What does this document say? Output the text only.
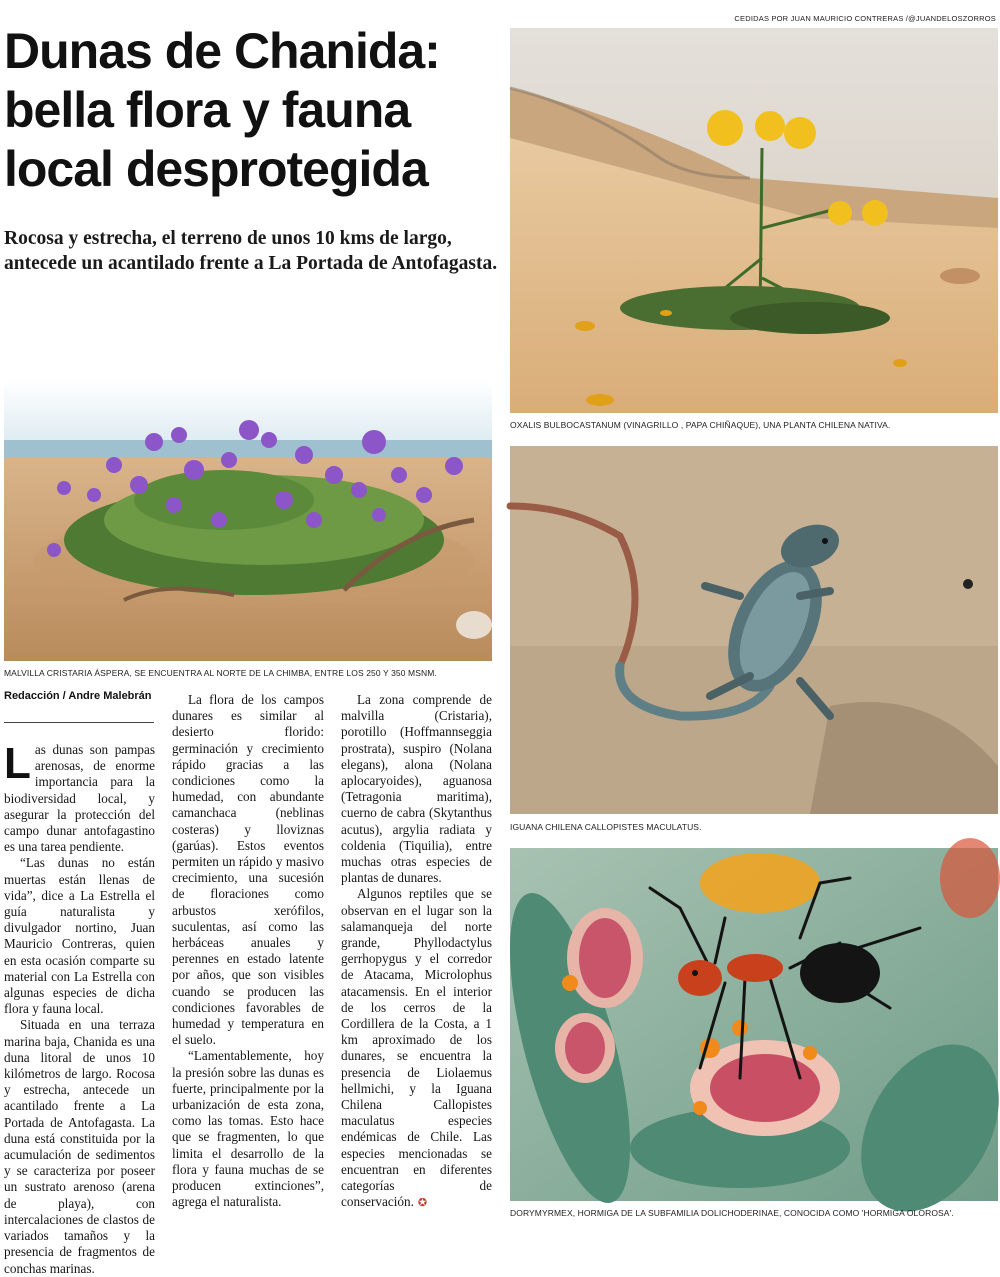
CEDIDAS POR JUAN MAURICIO CONTRERAS /@JUANDELOSZORROS
Dunas de Chanida: bella flora y fauna local desprotegida

Rocosa y estrecha, el terreno de unos 10 kms de largo, antecede un acantilado frente a La Portada de Antofagasta.

MALVILLA CRISTARIA ÁSPERA, SE ENCUENTRA AL NORTE DE LA CHIMBA, ENTRE LOS 250 Y 350 MSNM.
OXALIS BULBOCASTANUM (VINAGRILLO , PAPA CHIÑAQUE), UNA PLANTA CHILENA NATIVA.
IGUANA CHILENA CALLOPISTES MACULATUS.
DORYMYRMEX, HORMIGA DE LA SUBFAMILIA DOLICHODERINAE, CONOCIDA COMO 'HORMIGA OLOROSA'.
Redacción / Andre Malebrán

Las dunas son pampas arenosas, de enorme importancia para la biodiversidad local, y asegurar la protección del campo dunar antofagastino es una tarea pendiente.

“Las dunas no están muertas están llenas de vida”, dice a La Estrella el guía naturalista y divulgador nortino, Juan Mauricio Contreras, quien en esta ocasión comparte su material con La Estrella con algunas especies de dicha flora y fauna local.

Situada en una terraza marina baja, Chanida es una duna litoral de unos 10 kilómetros de largo. Rocosa y estrecha, antecede un acantilado frente a La Portada de Antofagasta. La duna está constituida por la acumulación de sedimentos y se caracteriza por poseer un sustrato arenoso (arena de playa), con intercalaciones de clastos de variados tamaños y la presencia de fragmentos de conchas marinas.

La flora de los campos dunares es similar al desierto florido: germinación y crecimiento rápido gracias a las condiciones como la humedad, con abundante camanchaca (neblinas costeras) y lloviznas (garúas). Estos eventos permiten un rápido y masivo crecimiento, una sucesión de floraciones como arbustos xerófilos, suculentas, así como las herbáceas anuales y perennes en estado latente por años, que son visibles cuando se producen las condiciones favorables de humedad y temperatura en el suelo.

“Lamentablemente, hoy la presión sobre las dunas es fuerte, principalmente por la urbanización de esta zona, como las tomas. Esto hace que se fragmenten, lo que limita el desarrollo de la flora y fauna muchas de se producen extinciones”, agrega el naturalista.

La zona comprende de malvilla (Cristaria), porotillo (Hoffmannseggia prostrata), suspiro (Nolana elegans), alona (Nolana aplocaryoides), aguanosa (Tetragonia maritima), cuerno de cabra (Skytanthus acutus), argylia radiata y coldenia (Tiquilia), entre muchas otras especies de plantas de dunares.

Algunos reptiles que se observan en el lugar son la salamanqueja del norte grande, Phyllodactylus gerrhopygus y el corredor de Atacama, Microlophus atacamensis. En el interior de los cerros de la Cordillera de la Costa, a 1 km aproximado de los dunares, se encuentra la presencia de Liolaemus hellmichi, y la Iguana Chilena Callopistes maculatus especies endémicas de Chile. Las especies mencionadas se encuentran en diferentes categorías de conservación. ✪
